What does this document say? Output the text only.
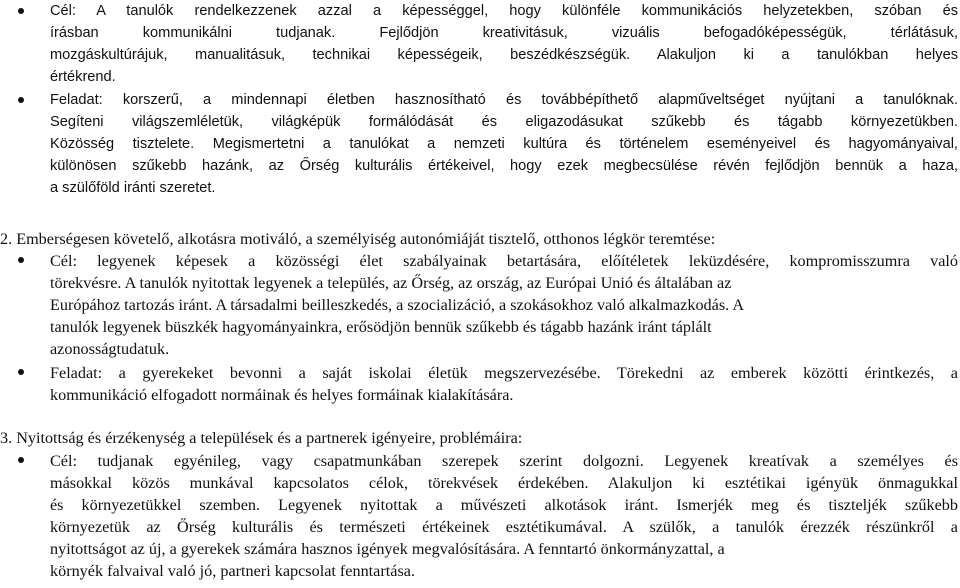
Cél: A tanulók rendelkezzenek azzal a képességgel, hogy különféle kommunikációs helyzetekben, szóban és
írásban kommunikálni tudjanak. Fejlődjön kreativitásuk, vizuális befogadóképességük, térlátásuk,
mozgáskultúrájuk, manualitásuk, technikai képességeik, beszédkészségük. Alakuljon ki a tanulókban helyes
értékrend.
Feladat: korszerű, a mindennapi életben hasznosítható és továbbépíthető alapműveltséget nyújtani a tanulóknak.
Segíteni világszemléletük, világképük formálódását és eligazodásukat szűkebb és tágabb környezetükben.
Közösség tisztelete. Megismertetni a tanulókat a nemzeti kultúra és történelem eseményeivel és hagyományaival,
különösen szűkebb hazánk, az Őrség kulturális értékeivel, hogy ezek megbecsülése révén fejlődjön bennük a haza,
a szülőföld iránti szeretet.
2. Emberségesen követelő, alkotásra motiváló, a személyiség autonómiáját tisztelő, otthonos légkör teremtése:
Cél: legyenek képesek a közösségi élet szabályainak betartására, előítéletek leküzdésére, kompromisszumra való
törekvésre. A tanulók nyitottak legyenek a település, az Őrség, az ország, az Európai Unió és általában az
Európához tartozás iránt. A társadalmi beilleszkedés, a szocializáció, a szokásokhoz való alkalmazkodás. A
tanulók legyenek büszkék hagyományainkra, erősödjön bennük szűkebb és tágabb hazánk iránt táplált
azonosságtudatuk.
Feladat: a gyerekeket bevonni a saját iskolai életük megszervezésébe. Törekedni az emberek közötti érintkezés, a
kommunikáció elfogadott normáinak és helyes formáinak kialakítására.
3. Nyitottság és érzékenység a települések és a partnerek igényeire, problémáira:
Cél: tudjanak egyénileg, vagy csapatmunkában szerepek szerint dolgozni. Legyenek kreatívak a személyes és
másokkal közös munkával kapcsolatos célok, törekvések érdekében. Alakuljon ki esztétikai igényük önmagukkal
és környezetükkel szemben. Legyenek nyitottak a művészeti alkotások iránt. Ismerjék meg és tiszteljék szűkebb
környezetük az Őrség kulturális és természeti értékeinek esztétikumával. A szülők, a tanulók érezzék részünkről a
nyitottságot az új, a gyerekek számára hasznos igények megvalósítására. A fenntartó önkormányzattal, a
környék falvaival való jó, partneri kapcsolat fenntartása.
